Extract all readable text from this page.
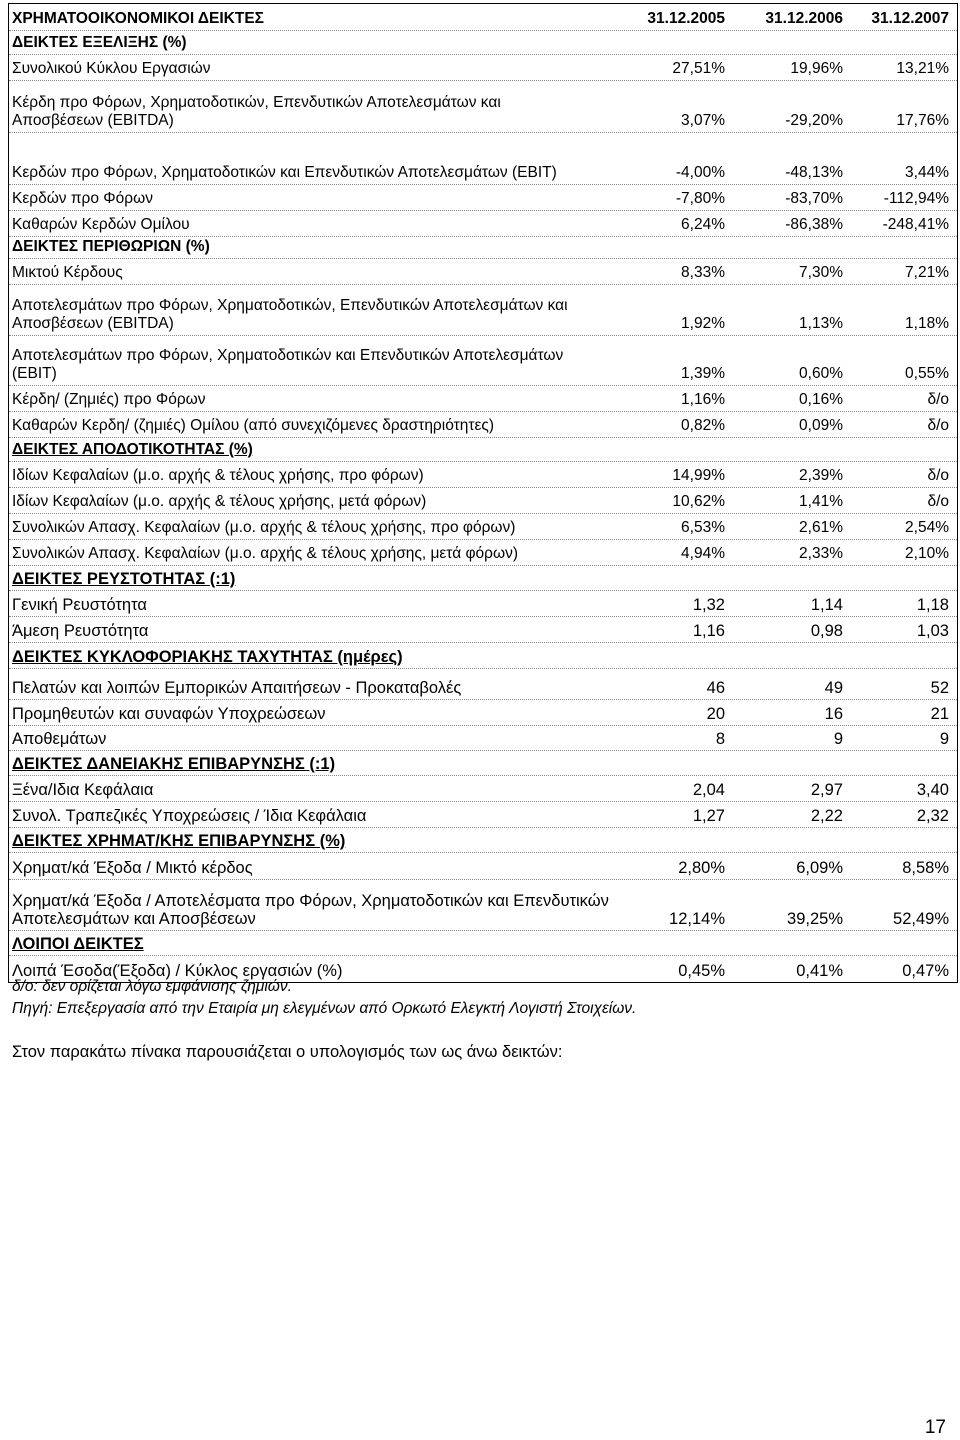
ΧΡΗΜΑΤΟΟΙΚΟΝΟΜΙΚΟΙ ΔΕΙΚΤΕΣ	31.12.2005	31.12.2006	31.12.2007
ΔΕΙΚΤΕΣ ΕΞΕΛΙΞΗΣ (%)
Συνολικού Κύκλου Εργασιών	27,51%	19,96%	13,21%
Κέρδη προ Φόρων, Χρηματοδοτικών, Επενδυτικών Αποτελεσμάτων και
Αποσβέσεων (EBITDA)	3,07%	-29,20%	17,76%
Κερδών προ Φόρων, Χρηματοδοτικών και Επενδυτικών Αποτελεσμάτων (EBIT)	-4,00%	-48,13%	3,44%
Κερδών προ Φόρων	-7,80%	-83,70%	-112,94%
Καθαρών Κερδών Ομίλου	6,24%	-86,38%	-248,41%
ΔΕΙΚΤΕΣ ΠΕΡΙΘΩΡΙΩΝ (%)
Μικτού Κέρδους	8,33%	7,30%	7,21%
Αποτελεσμάτων προ Φόρων, Χρηματοδοτικών, Επενδυτικών Αποτελεσμάτων και
Αποσβέσεων (EBITDA)	1,92%	1,13%	1,18%
Αποτελεσμάτων προ Φόρων, Χρηματοδοτικών και Επενδυτικών Αποτελεσμάτων
(EBIT)	1,39%	0,60%	0,55%
Κέρδη/ (Ζημιές) προ Φόρων	1,16%	0,16%	δ/ο
Καθαρών Κερδη/ (ζημιές) Ομίλου (από συνεχιζόμενες δραστηριότητες)	0,82%	0,09%	δ/ο
ΔΕΙΚΤΕΣ ΑΠΟΔΟΤΙΚΟΤΗΤΑΣ (%)
Ιδίων Κεφαλαίων (μ.ο. αρχής & τέλους χρήσης, προ φόρων)	14,99%	2,39%	δ/ο
Ιδίων Κεφαλαίων (μ.ο. αρχής & τέλους χρήσης, μετά φόρων)	10,62%	1,41%	δ/ο
Συνολικών Απασχ. Κεφαλαίων (μ.ο. αρχής & τέλους χρήσης, προ φόρων)	6,53%	2,61%	2,54%
Συνολικών Απασχ. Κεφαλαίων (μ.ο. αρχής & τέλους χρήσης, μετά φόρων)	4,94%	2,33%	2,10%
ΔΕΙΚΤΕΣ ΡΕΥΣΤΟΤΗΤΑΣ (:1)
Γενική Ρευστότητα	1,32	1,14	1,18
Άμεση Ρευστότητα	1,16	0,98	1,03
ΔΕΙΚΤΕΣ ΚΥΚΛΟΦΟΡΙΑΚΗΣ ΤΑΧΥΤΗΤΑΣ (ημέρες)
Πελατών και λοιπών Εμπορικών Απαιτήσεων - Προκαταβολές	46	49	52
Προμηθευτών και συναφών Υποχρεώσεων	20	16	21
Αποθεμάτων	8	9	9
ΔΕΙΚΤΕΣ ΔΑΝΕΙΑΚΗΣ ΕΠΙΒΑΡΥΝΣΗΣ (:1)
Ξένα/Ιδια Κεφάλαια	2,04	2,97	3,40
Συνολ. Τραπεζικές Υποχρεώσεις / Ίδια Κεφάλαια	1,27	2,22	2,32
ΔΕΙΚΤΕΣ ΧΡΗΜΑΤ/ΚΗΣ ΕΠΙΒΑΡΥΝΣΗΣ (%)
Χρηματ/κά Έξοδα / Μικτό κέρδος	2,80%	6,09%	8,58%
Χρηματ/κά Έξοδα / Αποτελέσματα προ Φόρων, Χρηματοδοτικών και Επενδυτικών
Αποτελεσμάτων και Αποσβέσεων	12,14%	39,25%	52,49%
ΛΟΙΠΟΙ ΔΕΙΚΤΕΣ
Λοιπά Έσοδα(Έξοδα) / Κύκλος εργασιών (%)	0,45%	0,41%	0,47%
δ/ο: δεν ορίζεται λόγω εμφάνισης ζημιών.
Πηγή: Επεξεργασία από την Εταιρία μη ελεγμένων από Ορκωτό Ελεγκτή Λογιστή Στοιχείων.
Στον παρακάτω πίνακα παρουσιάζεται ο υπολογισμός των ως άνω δεικτών:
17
